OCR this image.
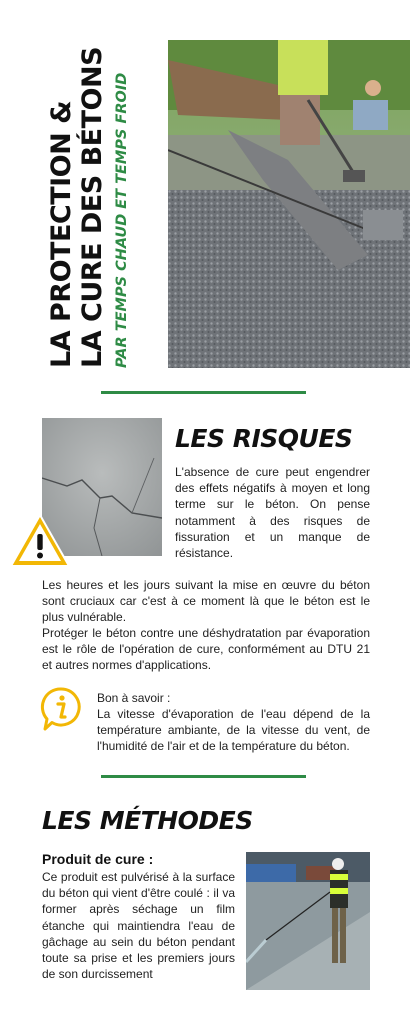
LA PROTECTION & LA CURE DES BÉTONS PAR TEMPS CHAUD ET TEMPS FROID
LES RISQUES
L'absence de cure peut engendrer des effets négatifs à moyen et long terme sur le béton. On pense notamment à des risques de fissuration et un manque de résistance.
Les heures et les jours suivant la mise en œuvre du béton sont cruciaux car c'est à ce moment là que le béton est le plus vulnérable.
Protéger le béton contre une déshydratation par évaporation est le rôle de l'opération de cure, conformément au DTU 21 et autres normes d'applications.
Bon à savoir :
La vitesse d'évaporation de l'eau dépend de la température ambiante, de la vitesse du vent, de l'humidité de l'air et de la température du béton.
LES MÉTHODES
Produit de cure :
Ce produit est pulvérisé à la surface du béton qui vient d'être coulé : il va former après séchage un film étanche qui maintiendra l'eau de gâchage au sein du béton pendant toute sa prise et les premiers jours de son durcissement
